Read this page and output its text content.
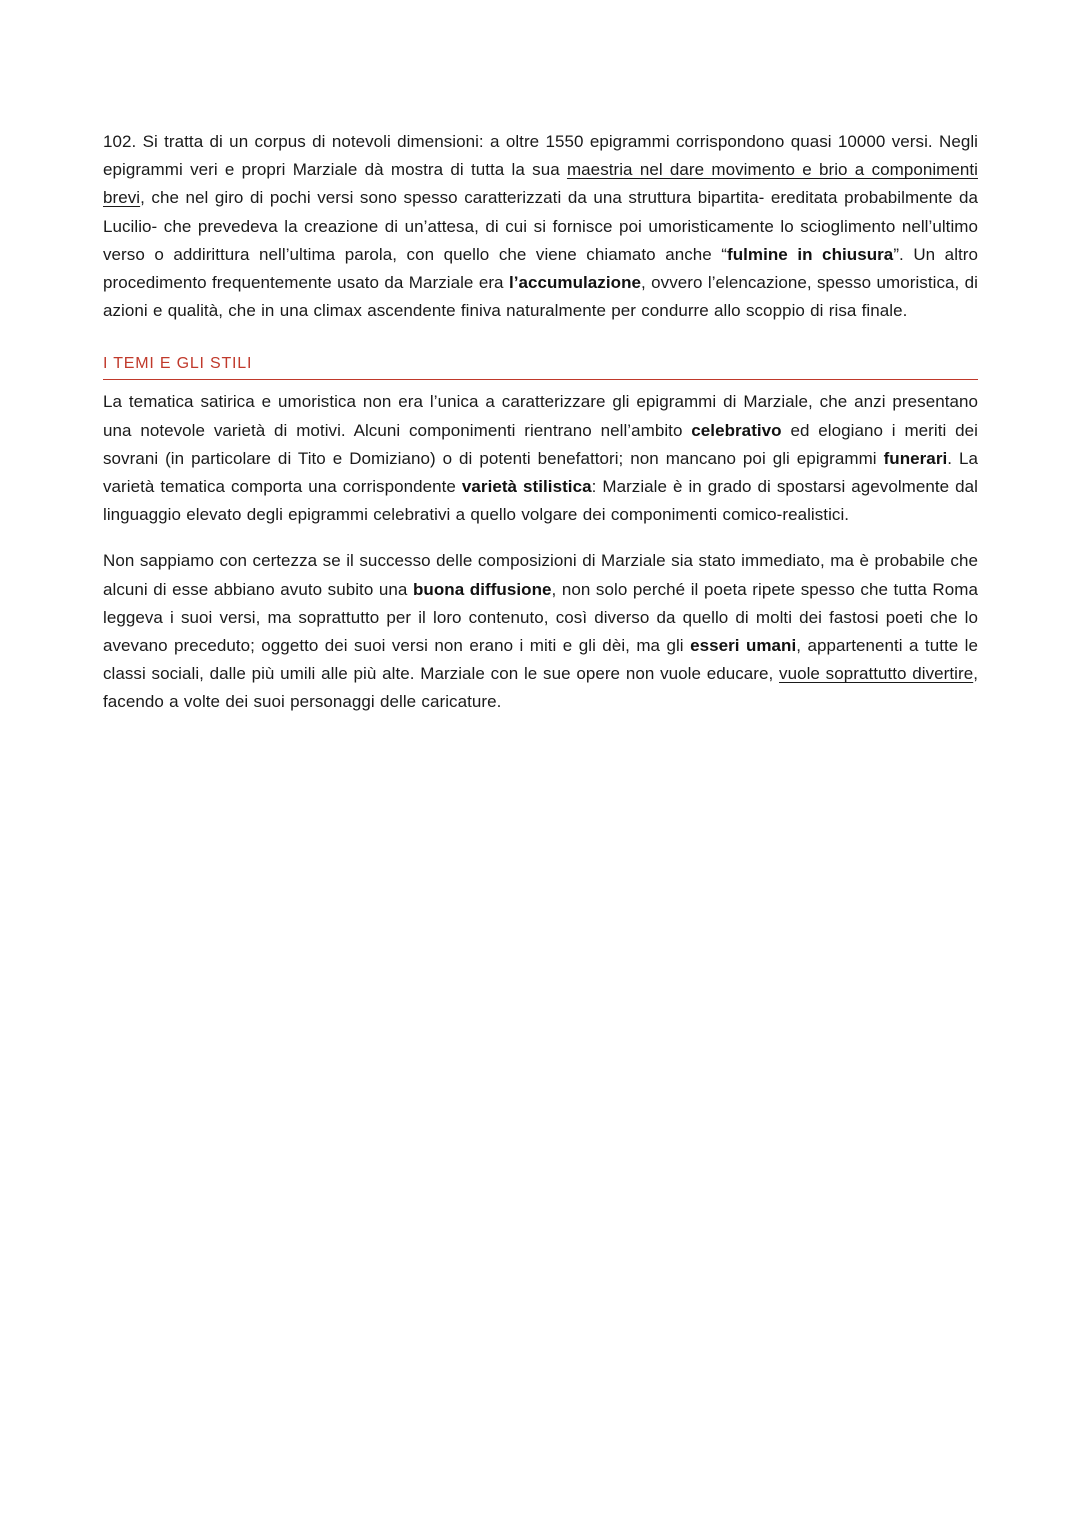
102. Si tratta di un corpus di notevoli dimensioni: a oltre 1550 epigrammi corrispondono quasi 10000 versi. Negli epigrammi veri e propri Marziale dà mostra di tutta la sua maestria nel dare movimento e brio a componimenti brevi, che nel giro di pochi versi sono spesso caratterizzati da una struttura bipartita- ereditata probabilmente da Lucilio- che prevedeva la creazione di un’attesa, di cui si fornisce poi umoristicamente lo scioglimento nell’ultimo verso o addirittura nell’ultima parola, con quello che viene chiamato anche “fulmine in chiusura”. Un altro procedimento frequentemente usato da Marziale era l’accumulazione, ovvero l’elencazione, spesso umoristica, di azioni e qualità, che in una climax ascendente finiva naturalmente per condurre allo scoppio di risa finale.

I TEMI E GLI STILI

La tematica satirica e umoristica non era l’unica a caratterizzare gli epigrammi di Marziale, che anzi presentano una notevole varietà di motivi. Alcuni componimenti rientrano nell’ambito celebrativo ed elogiano i meriti dei sovrani (in particolare di Tito e Domiziano) o di potenti benefattori; non mancano poi gli epigrammi funerari. La varietà tematica comporta una corrispondente varietà stilistica: Marziale è in grado di spostarsi agevolmente dal linguaggio elevato degli epigrammi celebrativi a quello volgare dei componimenti comico-realistici.

Non sappiamo con certezza se il successo delle composizioni di Marziale sia stato immediato, ma è probabile che alcuni di esse abbiano avuto subito una buona diffusione, non solo perché il poeta ripete spesso che tutta Roma leggeva i suoi versi, ma soprattutto per il loro contenuto, così diverso da quello di molti dei fastosi poeti che lo avevano preceduto; oggetto dei suoi versi non erano i miti e gli dèi, ma gli esseri umani, appartenenti a tutte le classi sociali, dalle più umili alle più alte. Marziale con le sue opere non vuole educare, vuole soprattutto divertire, facendo a volte dei suoi personaggi delle caricature.
